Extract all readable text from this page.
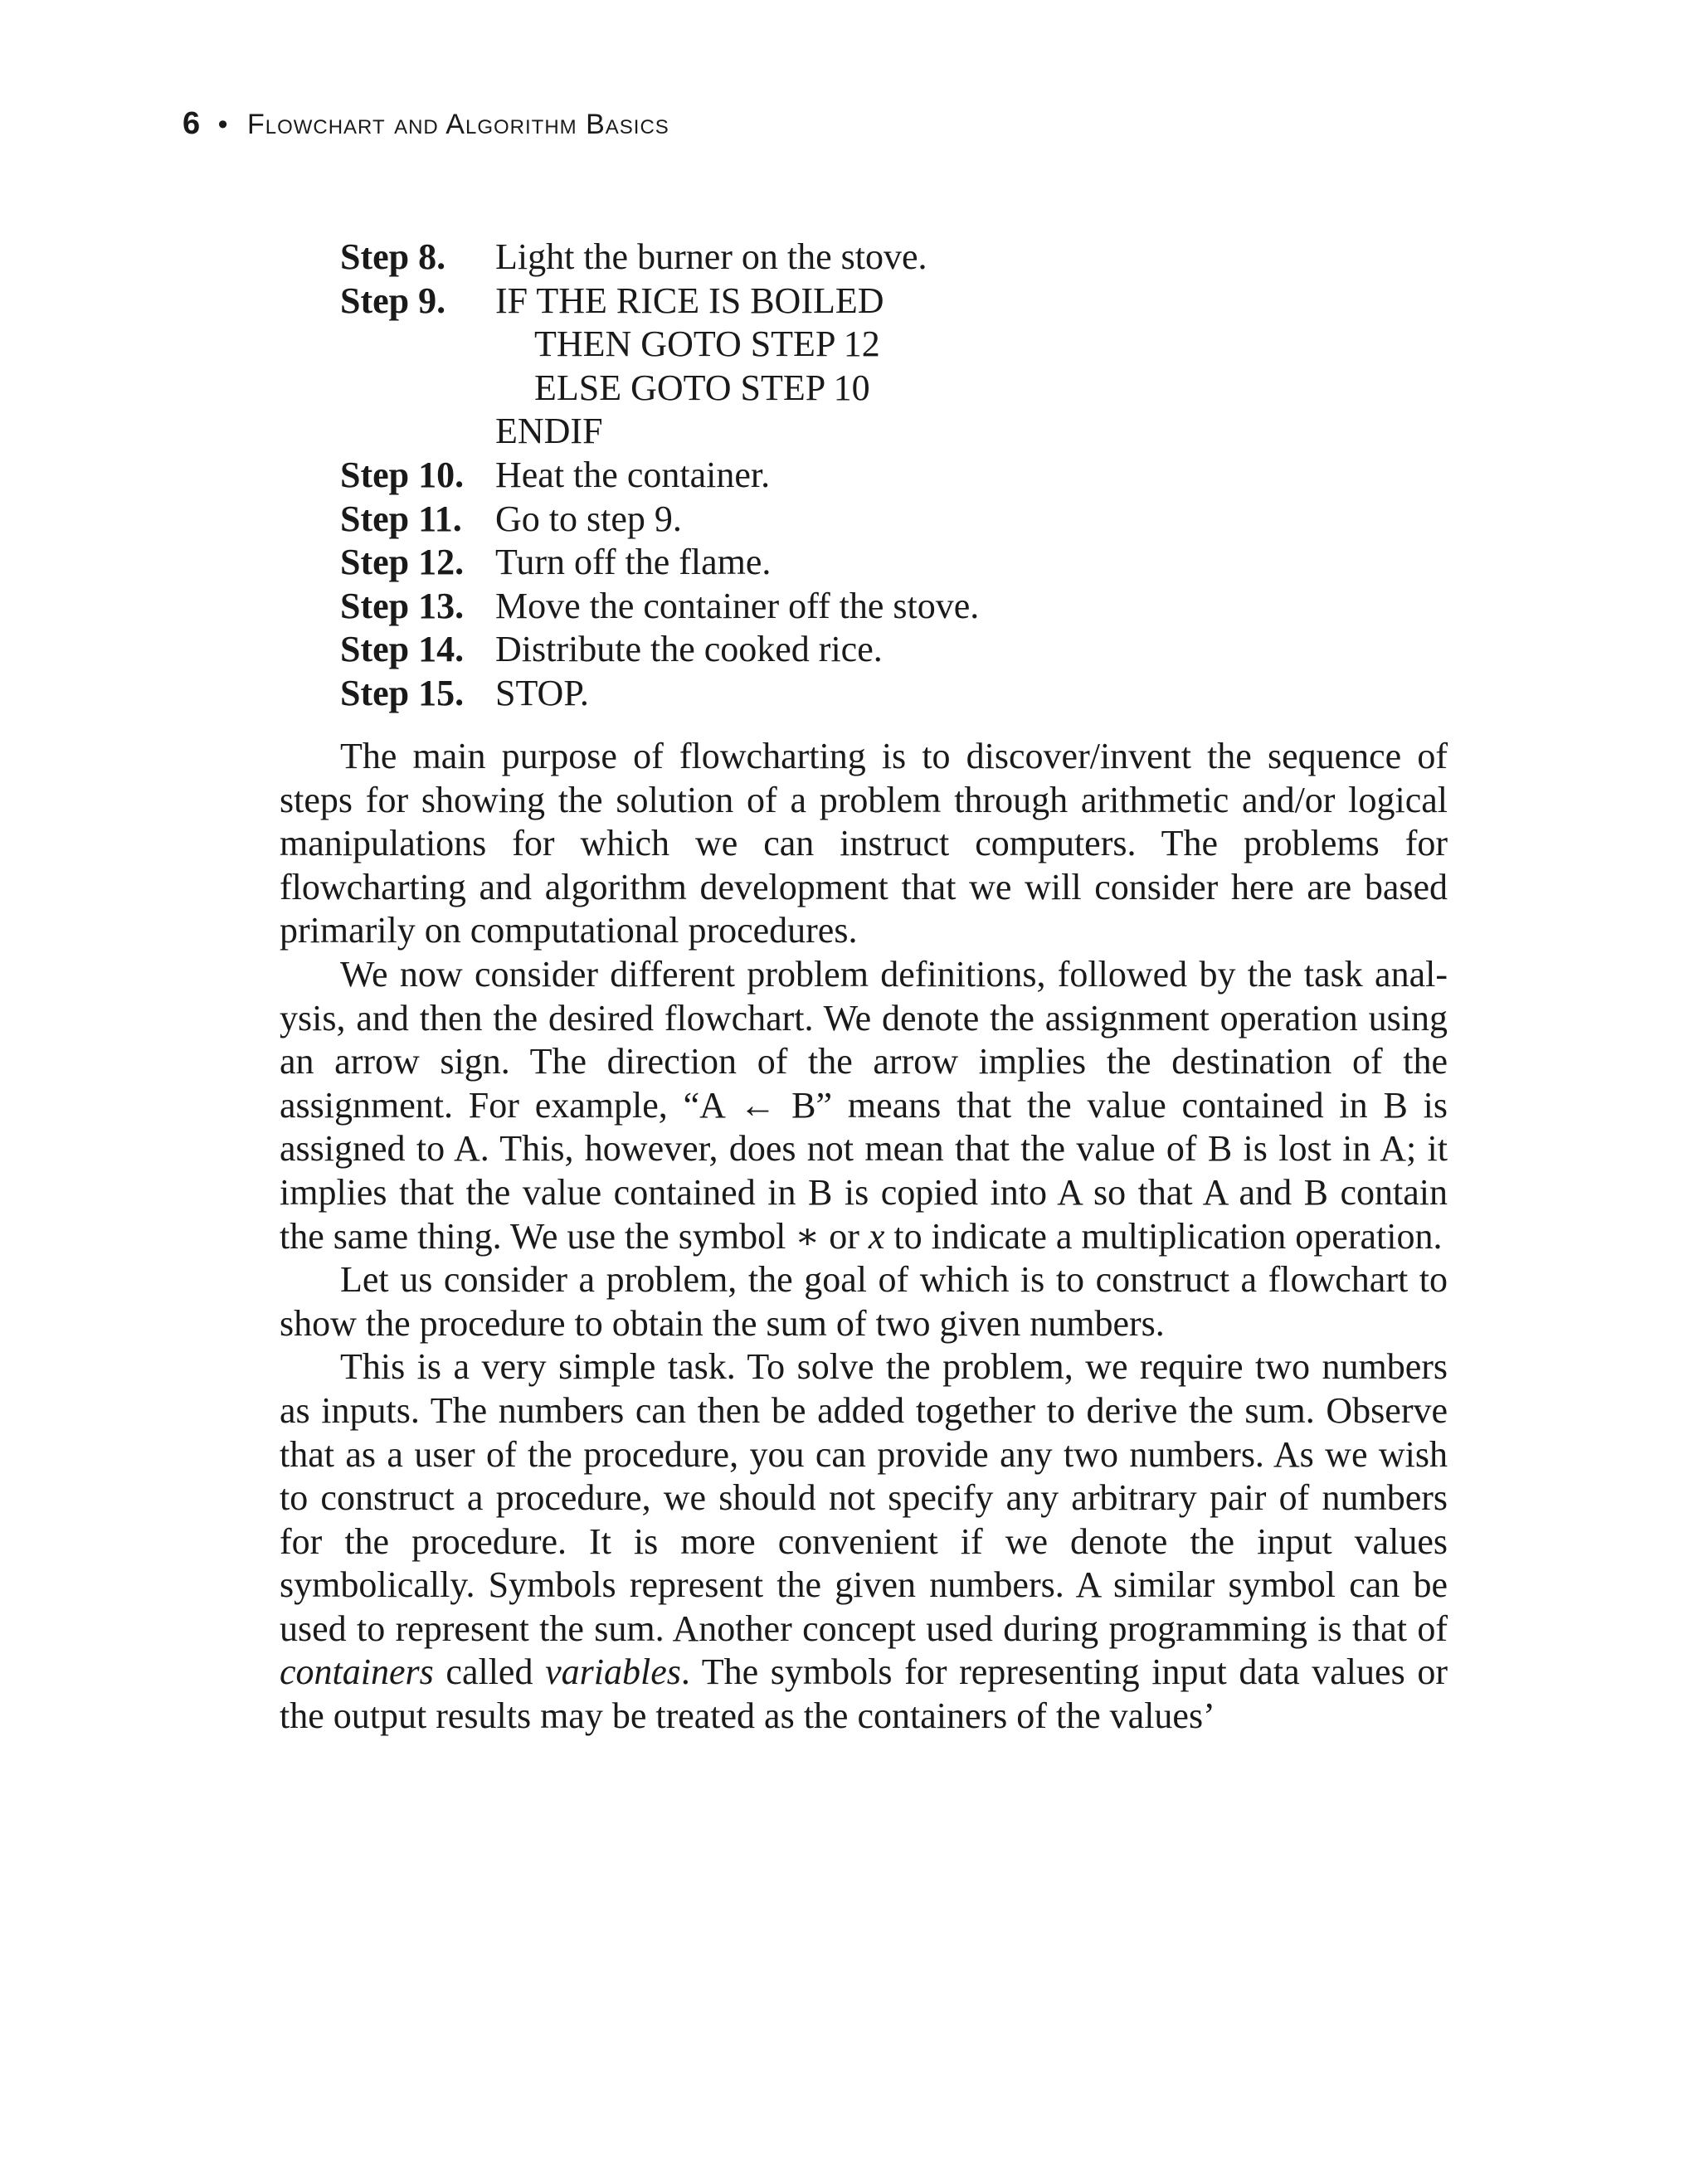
6 • Flowchart and Algorithm Basics
Step 8.	Light the burner on the stove.
Step 9.	IF THE RICE IS BOILED
THEN GOTO STEP 12
ELSE GOTO STEP 10
ENDIF
Step 10. Heat the container.
Step 11. Go to step 9.
Step 12. Turn off the flame.
Step 13. Move the container off the stove.
Step 14. Distribute the cooked rice.
Step 15. STOP.

The main purpose of flowcharting is to discover/invent the sequence of steps for showing the solution of a problem through arithmetic and/or logical manipulations for which we can instruct computers. The problems for flowcharting and algorithm development that we will consider here are based primarily on computational procedures.

We now consider different problem definitions, followed by the task analysis, and then the desired flowchart. We denote the assignment operation using an arrow sign. The direction of the arrow implies the destination of the assignment. For example, “A ← B” means that the value contained in B is assigned to A. This, however, does not mean that the value of B is lost in A; it implies that the value contained in B is copied into A so that A and B contain the same thing. We use the symbol ∗ or x to indicate a multiplication operation.

Let us consider a problem, the goal of which is to construct a flowchart to show the procedure to obtain the sum of two given numbers.

This is a very simple task. To solve the problem, we require two numbers as inputs. The numbers can then be added together to derive the sum. Observe that as a user of the procedure, you can provide any two numbers. As we wish to construct a procedure, we should not specify any arbitrary pair of numbers for the procedure. It is more convenient if we denote the input values symbolically. Symbols represent the given numbers. A similar symbol can be used to represent the sum. Another concept used during programming is that of containers called variables. The symbols for representing input data values or the output results may be treated as the containers of the values’
